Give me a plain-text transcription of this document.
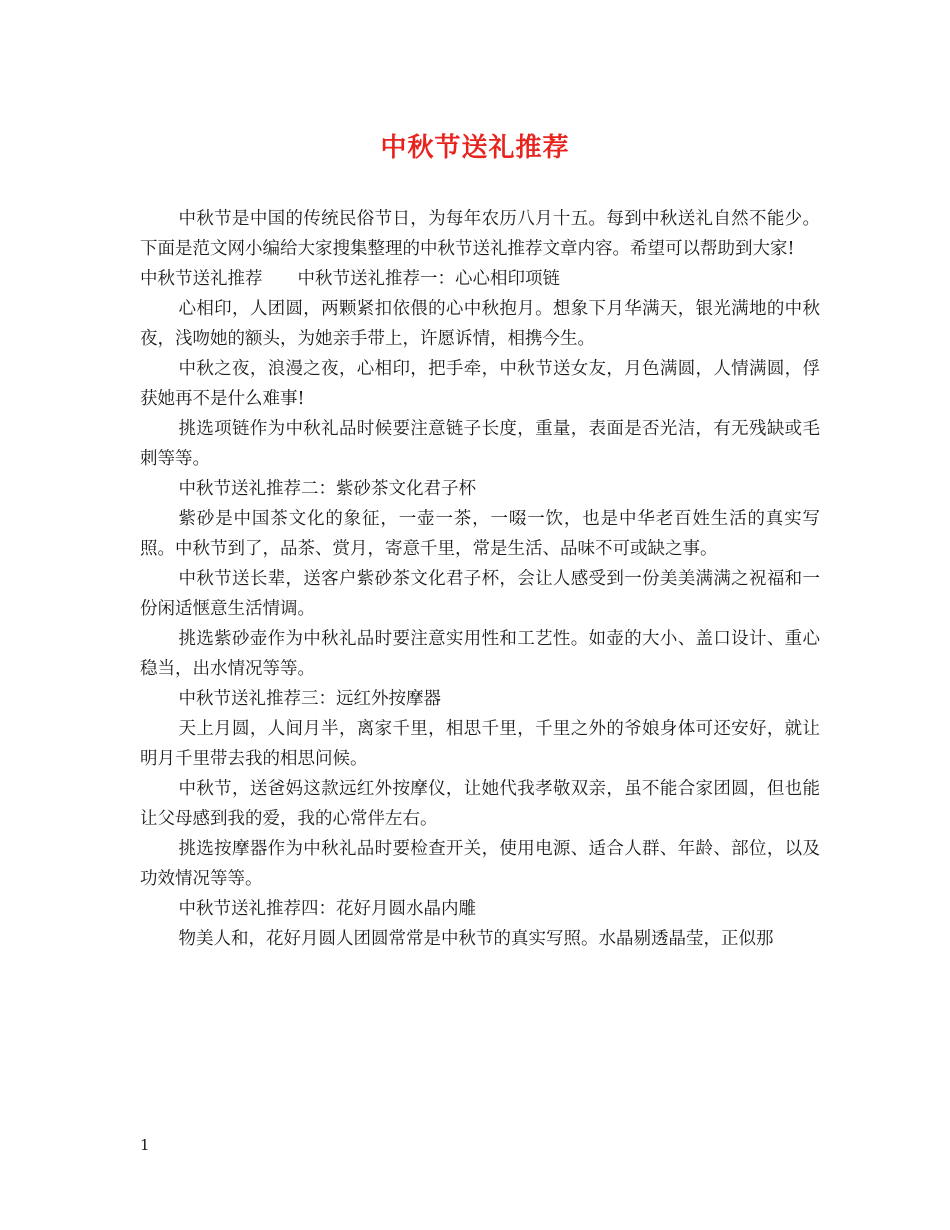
中秋节送礼推荐

中秋节是中国的传统民俗节日，为每年农历八月十五。每到中秋送礼自然不能少。下面是范文网小编给大家搜集整理的中秋节送礼推荐文章内容。希望可以帮助到大家!

中秋节送礼推荐　　中秋节送礼推荐一：心心相印项链

心相印，人团圆，两颗紧扣依偎的心中秋抱月。想象下月华满天，银光满地的中秋夜，浅吻她的额头，为她亲手带上，许愿诉情，相携今生。

中秋之夜，浪漫之夜，心相印，把手牵，中秋节送女友，月色满圆，人情满圆，俘获她再不是什么难事!

挑选项链作为中秋礼品时候要注意链子长度，重量，表面是否光洁，有无残缺或毛刺等等。

中秋节送礼推荐二：紫砂茶文化君子杯

紫砂是中国茶文化的象征，一壶一茶，一啜一饮，也是中华老百姓生活的真实写照。中秋节到了，品茶、赏月，寄意千里，常是生活、品味不可或缺之事。

中秋节送长辈，送客户紫砂茶文化君子杯，会让人感受到一份美美满满之祝福和一份闲适惬意生活情调。

挑选紫砂壶作为中秋礼品时要注意实用性和工艺性。如壶的大小、盖口设计、重心稳当，出水情况等等。

中秋节送礼推荐三：远红外按摩器

天上月圆，人间月半，离家千里，相思千里，千里之外的爷娘身体可还安好，就让明月千里带去我的相思问候。

中秋节，送爸妈这款远红外按摩仪，让她代我孝敬双亲，虽不能合家团圆，但也能让父母感到我的爱，我的心常伴左右。

挑选按摩器作为中秋礼品时要检查开关，使用电源、适合人群、年龄、部位，以及功效情况等等。

中秋节送礼推荐四：花好月圆水晶内雕

物美人和，花好月圆人团圆常常是中秋节的真实写照。水晶剔透晶莹，正似那

1
